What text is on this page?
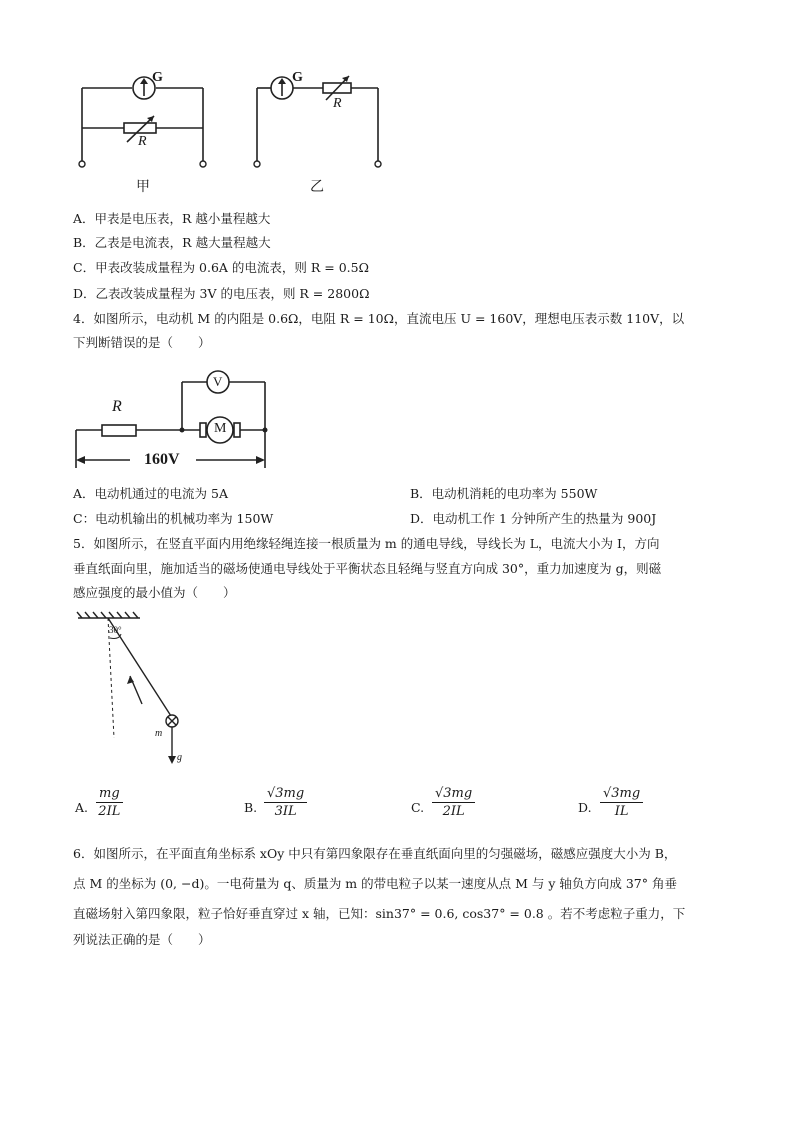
G
R
甲
G
R
乙
A．甲表是电压表，R 越小量程越大
B．乙表是电流表，R 越大量程越大
C．甲表改装成量程为 0.6A 的电流表，则 R = 0.5Ω
D．乙表改装成量程为 3V 的电压表，则 R = 2800Ω
4．如图所示，电动机 M 的内阻是 0.6Ω，电阻 R = 10Ω，直流电压 U = 160V，理想电压表示数 110V，以
下判断错误的是（　　）
R
V
M
160V
A．电动机通过的电流为 5A	B．电动机消耗的电功率为 550W
C：电动机输出的机械功率为 150W	D．电动机工作 1 分钟所产生的热量为 900J
5．如图所示，在竖直平面内用绝缘轻绳连接一根质量为 m 的通电导线，导线长为 L，电流大小为 I，方向
垂直纸面向里，施加适当的磁场使通电导线处于平衡状态且轻绳与竖直方向成 30°，重力加速度为 g，则磁
感应强度的最小值为（　　）
30°
m
g
A. $\frac{mg}{2IL}$	B. $\frac{√3mg}{3IL}$	C. $\frac{√3mg}{2IL}$	D. $\frac{√3mg}{IL}$
6．如图所示，在平面直角坐标系 xOy 中只有第四象限存在垂直纸面向里的匀强磁场，磁感应强度大小为 B，
点 M 的坐标为 (0, −d)。一电荷量为 q、质量为 m 的带电粒子以某一速度从点 M 与 y 轴负方向成 37° 角垂
直磁场射入第四象限，粒子恰好垂直穿过 x 轴，已知：sin37° = 0.6, cos37° = 0.8 。若不考虑粒子重力，下
列说法正确的是（　　）
